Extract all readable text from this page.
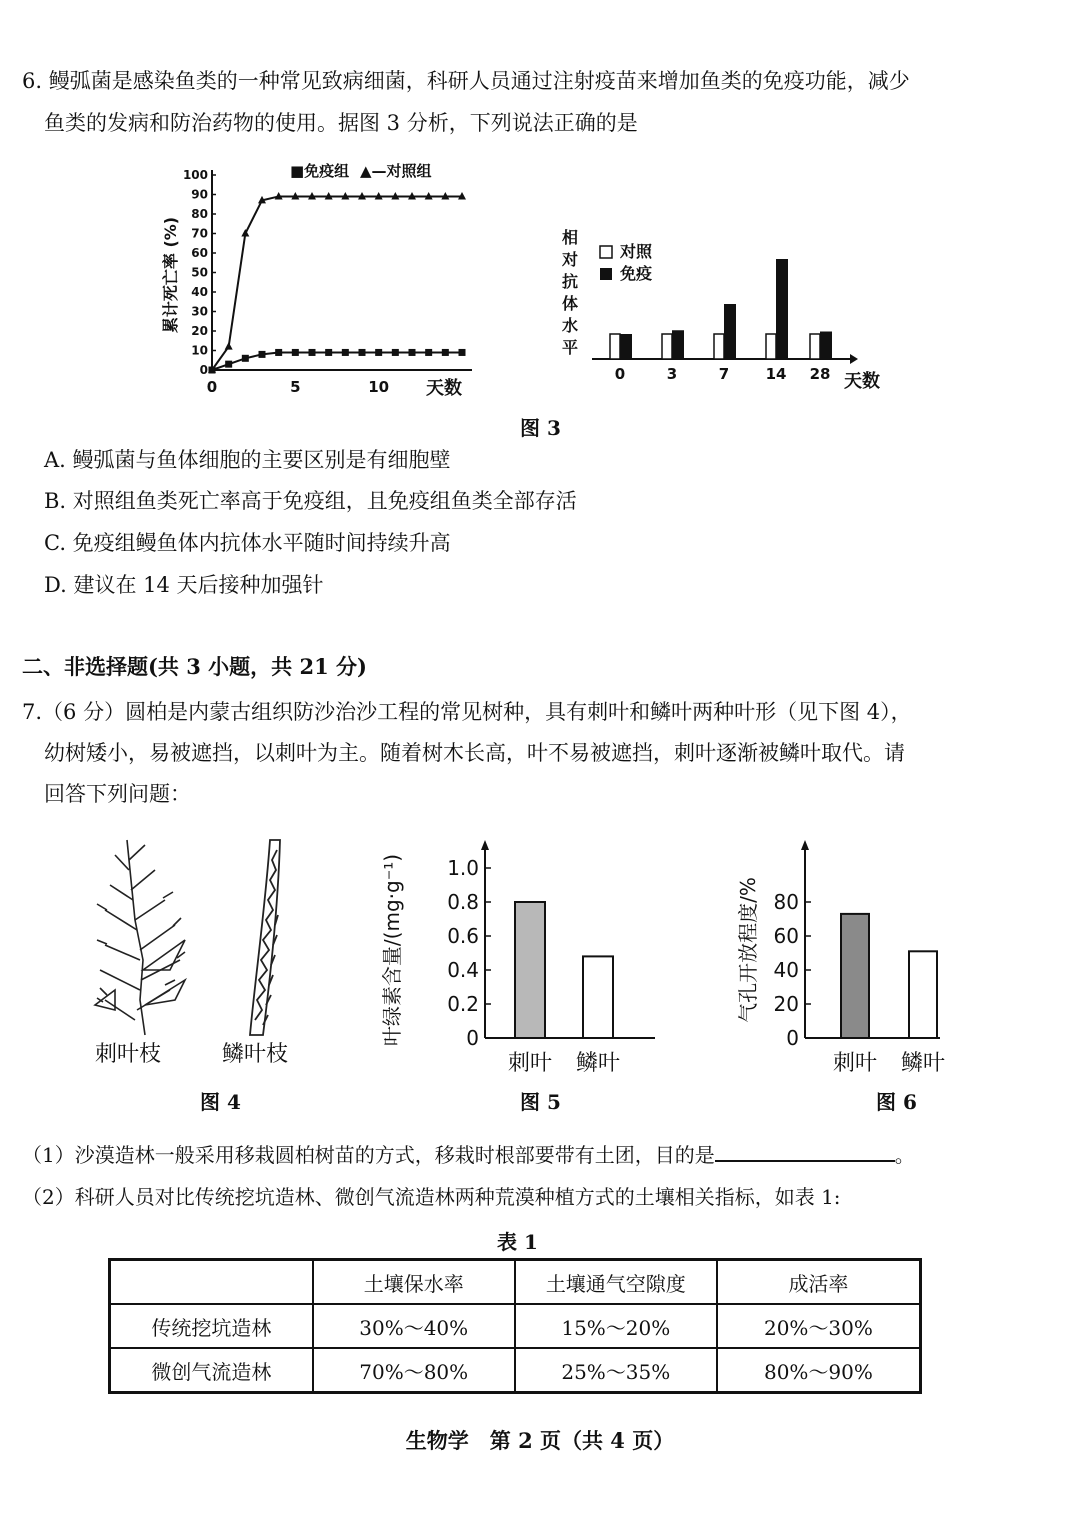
6. 鳗弧菌是感染鱼类的一种常见致病细菌，科研人员通过注射疫苗来增加鱼类的免疫功能，减少
鱼类的发病和防治药物的使用。据图 3 分析，下列说法正确的是
累计死亡率 (%)
0
10
20
30
40
50
60
70
80
90
100
0	5	10 天数
■免疫组 ▲—对照组
相
对
抗
体
水
平
对照
免疫
0	3	7 14 28 天数
图 3
A. 鳗弧菌与鱼体细胞的主要区别是有细胞壁
B. 对照组鱼类死亡率高于免疫组，且免疫组鱼类全部存活
C. 免疫组鳗鱼体内抗体水平随时间持续升高
D. 建议在 14 天后接种加强针
二、非选择题(共 3 小题，共 21 分)
7.（6 分）圆柏是内蒙古组织防沙治沙工程的常见树种，具有刺叶和鳞叶两种叶形（见下图 4），
幼树矮小，易被遮挡，以刺叶为主。随着树木长高，叶不易被遮挡，刺叶逐渐被鳞叶取代。请
回答下列问题：
刺叶枝	鳞叶枝
图 4
叶绿素含量/(mg·g⁻¹)	0
0.2
0.4
0.6
0.8
1.0
刺叶 鳞叶
图 5
气孔开放程度/%
0
20
40
60
80
刺叶 鳞叶
图 6
（1）沙漠造林一般采用移栽圆柏树苗的方式，移栽时根部要带有土团，目的是	。
（2）科研人员对比传统挖坑造林、微创气流造林两种荒漠种植方式的土壤相关指标，如表 1:
表 1
	土壤保水率	土壤通气空隙度	成活率
传统挖坑造林	30%～40%	15%～20%	20%～30%
微创气流造林	70%～80%	25%～35%	80%～90%
生物学　第 2 页（共 4 页）
